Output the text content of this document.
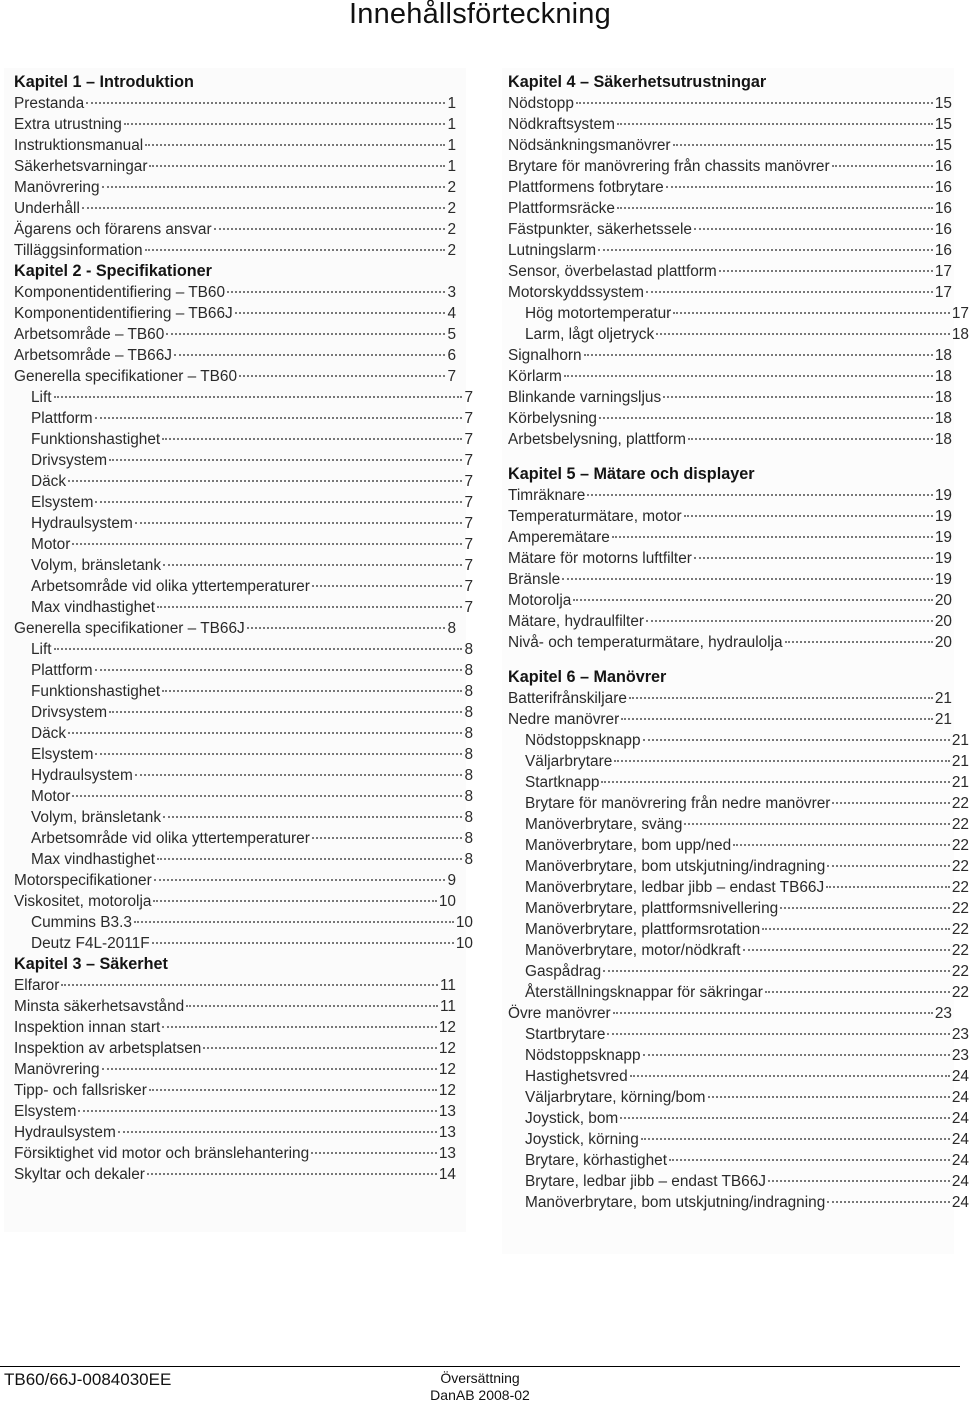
Innehållsförteckning
Kapitel 1 – Introduktion
Prestanda	1
Extra utrustning	1
Instruktionsmanual	1
Säkerhetsvarningar	1
Manövrering	2
Underhåll	2
Ägarens och förarens ansvar	2
Tilläggsinformation	2
Kapitel 2 - Specifikationer
Komponentidentifiering – TB60	3
Komponentidentifiering – TB66J	4
Arbetsområde – TB60	5
Arbetsområde – TB66J	6
Generella specifikationer – TB60	7
Lift	7
Plattform	7
Funktionshastighet	7
Drivsystem	7
Däck	7
Elsystem	7
Hydraulsystem	7
Motor	7
Volym, bränsletank	7
Arbetsområde vid olika yttertemperaturer	7
Max vindhastighet	7
Generella specifikationer – TB66J	8
Lift	8
Plattform	8
Funktionshastighet	8
Drivsystem	8
Däck	8
Elsystem	8
Hydraulsystem	8
Motor	8
Volym, bränsletank	8
Arbetsområde vid olika yttertemperaturer	8
Max vindhastighet	8
Motorspecifikationer	9
Viskositet, motorolja	10
Cummins B3.3	10
Deutz F4L-2011F	10
Kapitel 3 – Säkerhet
Elfaror	11
Minsta säkerhetsavstånd	11
Inspektion innan start	12
Inspektion av arbetsplatsen	12
Manövrering	12
Tipp- och fallsrisker	12
Elsystem	13
Hydraulsystem	13
Försiktighet vid motor och bränslehantering	13
Skyltar och dekaler	14
Kapitel 4 – Säkerhetsutrustningar
Nödstopp	15
Nödkraftsystem	15
Nödsänkningsmanövrer	15
Brytare för manövrering från chassits manövrer	16
Plattformens fotbrytare	16
Plattformsräcke	16
Fästpunkter, säkerhetssele	16
Lutningslarm	16
Sensor, överbelastad plattform	17
Motorskyddssystem	17
Hög motortemperatur	17
Larm, lågt oljetryck	18
Signalhorn	18
Körlarm	18
Blinkande varningsljus	18
Körbelysning	18
Arbetsbelysning, plattform	18
Kapitel 5 – Mätare och displayer
Timräknare	19
Temperaturmätare, motor	19
Amperemätare	19
Mätare för motorns luftfilter	19
Bränsle	19
Motorolja	20
Mätare, hydraulfilter	20
Nivå- och temperaturmätare, hydraulolja	20
Kapitel 6 – Manövrer
Batterifrånskiljare	21
Nedre manövrer	21
Nödstoppsknapp	21
Väljarbrytare	21
Startknapp	21
Brytare för manövrering från nedre manövrer	22
Manöverbrytare, sväng	22
Manöverbrytare, bom upp/ned	22
Manöverbrytare, bom utskjutning/indragning	22
Manöverbrytare, ledbar jibb – endast TB66J	22
Manöverbrytare, plattformsnivellering	22
Manöverbrytare, plattformsrotation	22
Manöverbrytare, motor/nödkraft	22
Gaspådrag	22
Återställningsknappar för säkringar	22
Övre manövrer	23
Startbrytare	23
Nödstoppsknapp	23
Hastighetsvred	24
Väljarbrytare, körning/bom	24
Joystick, bom	24
Joystick, körning	24
Brytare, körhastighet	24
Brytare, ledbar jibb – endast TB66J	24
Manöverbrytare, bom utskjutning/indragning	24
TB60/66J-0084030EE	Översättning
DanAB 2008-02
